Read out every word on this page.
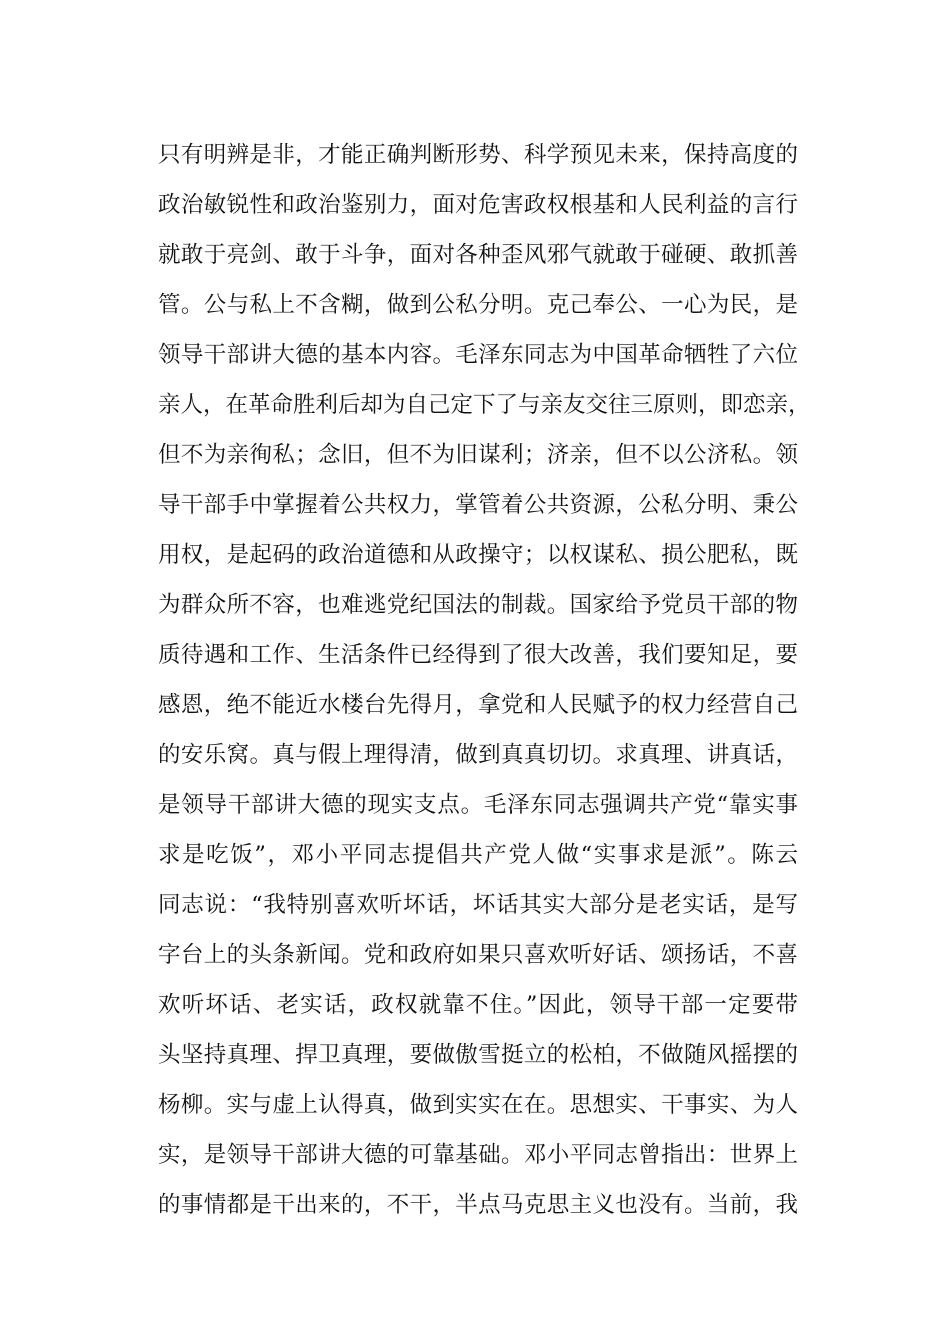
只有明辨是非，才能正确判断形势、科学预见未来，保持高度的
政治敏锐性和政治鉴别力，面对危害政权根基和人民利益的言行
就敢于亮剑、敢于斗争，面对各种歪风邪气就敢于碰硬、敢抓善
管。公与私上不含糊，做到公私分明。克己奉公、一心为民，是
领导干部讲大德的基本内容。毛泽东同志为中国革命牺牲了六位
亲人，在革命胜利后却为自己定下了与亲友交往三原则，即恋亲，
但不为亲徇私；念旧，但不为旧谋利；济亲，但不以公济私。领
导干部手中掌握着公共权力，掌管着公共资源，公私分明、秉公
用权，是起码的政治道德和从政操守；以权谋私、损公肥私，既
为群众所不容，也难逃党纪国法的制裁。国家给予党员干部的物
质待遇和工作、生活条件已经得到了很大改善，我们要知足，要
感恩，绝不能近水楼台先得月，拿党和人民赋予的权力经营自己
的安乐窝。真与假上理得清，做到真真切切。求真理、讲真话，
是领导干部讲大德的现实支点。毛泽东同志强调共产党“靠实事
求是吃饭”，邓小平同志提倡共产党人做“实事求是派”。陈云
同志说：“我特别喜欢听坏话，坏话其实大部分是老实话，是写
字台上的头条新闻。党和政府如果只喜欢听好话、颂扬话，不喜
欢听坏话、老实话，政权就靠不住。”因此，领导干部一定要带
头坚持真理、捍卫真理，要做傲雪挺立的松柏，不做随风摇摆的
杨柳。实与虚上认得真，做到实实在在。思想实、干事实、为人
实，是领导干部讲大德的可靠基础。邓小平同志曾指出：世界上
的事情都是干出来的，不干，半点马克思主义也没有。当前，我
